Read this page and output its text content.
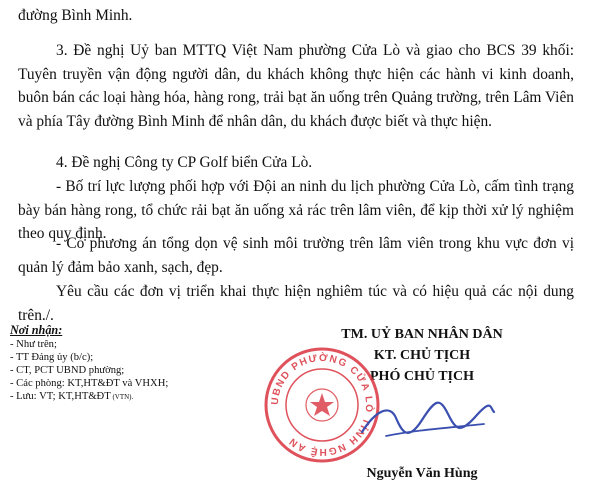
đường Bình Minh.

3. Đề nghị Uỷ ban MTTQ Việt Nam phường Cửa Lò và giao cho BCS 39 khối: Tuyên truyền vận động người dân, du khách không thực hiện các hành vi kinh doanh, buôn bán các loại hàng hóa, hàng rong, trải bạt ăn uống trên Quảng trường, trên Lâm Viên và phía Tây đường Bình Minh để nhân dân, du khách được biết và thực hiện.

4. Đề nghị Công ty CP Golf biển Cửa Lò.

- Bố trí lực lượng phối hợp với Đội an ninh du lịch phường Cửa Lò, cấm tình trạng bày bán hàng rong, tổ chức rải bạt ăn uống xả rác trên lâm viên, để kịp thời xử lý nghiệm theo quy định.

- Có phương án tổng dọn vệ sinh môi trường trên lâm viên trong khu vực đơn vị quản lý đảm bảo xanh, sạch, đẹp.

Yêu cầu các đơn vị triển khai thực hiện nghiêm túc và có hiệu quả các nội dung trên./.

Nơi nhận:
- Như trên;
- TT Đảng ủy (b/c);
- CT, PCT UBND phường;
- Các phòng: KT,HT&ĐT và VHXH;
- Lưu: VT; KT,HT&ĐT (VTN).
TM. UỶ BAN NHÂN DÂN
KT. CHỦ TỊCH
PHÓ CHỦ TỊCH
Nguyễn Văn Hùng
UBND PHƯỜNG CỬA LÒ TỈNH NGHỆ AN
